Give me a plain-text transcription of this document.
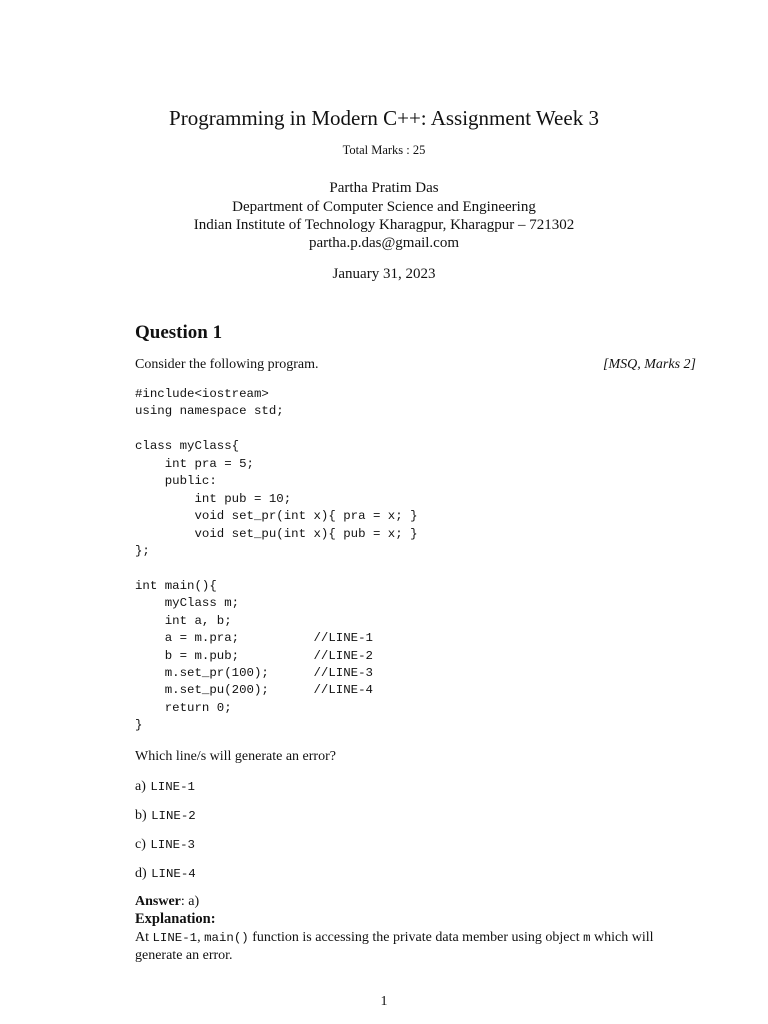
Programming in Modern C++: Assignment Week 3
Total Marks : 25
Partha Pratim Das
Department of Computer Science and Engineering
Indian Institute of Technology Kharagpur, Kharagpur – 721302
partha.p.das@gmail.com
January 31, 2023
Question 1
Consider the following program.	[MSQ, Marks 2]
#include<iostream>
using namespace std;
class myClass{
int pra = 5;
public:
int pub = 10;
void set_pr(int x){ pra = x; }
void set_pu(int x){ pub = x; }
};
int main(){
myClass m;
int a, b;
a = m.pra;          //LINE-1
b = m.pub;          //LINE-2
m.set_pr(100);      //LINE-3
m.set_pu(200);      //LINE-4
return 0;
}
Which line/s will generate an error?
a) LINE-1
b) LINE-2
c) LINE-3
d) LINE-4
Answer: a)
Explanation:
At LINE-1, main() function is accessing the private data member using object m which will generate an error.
1
